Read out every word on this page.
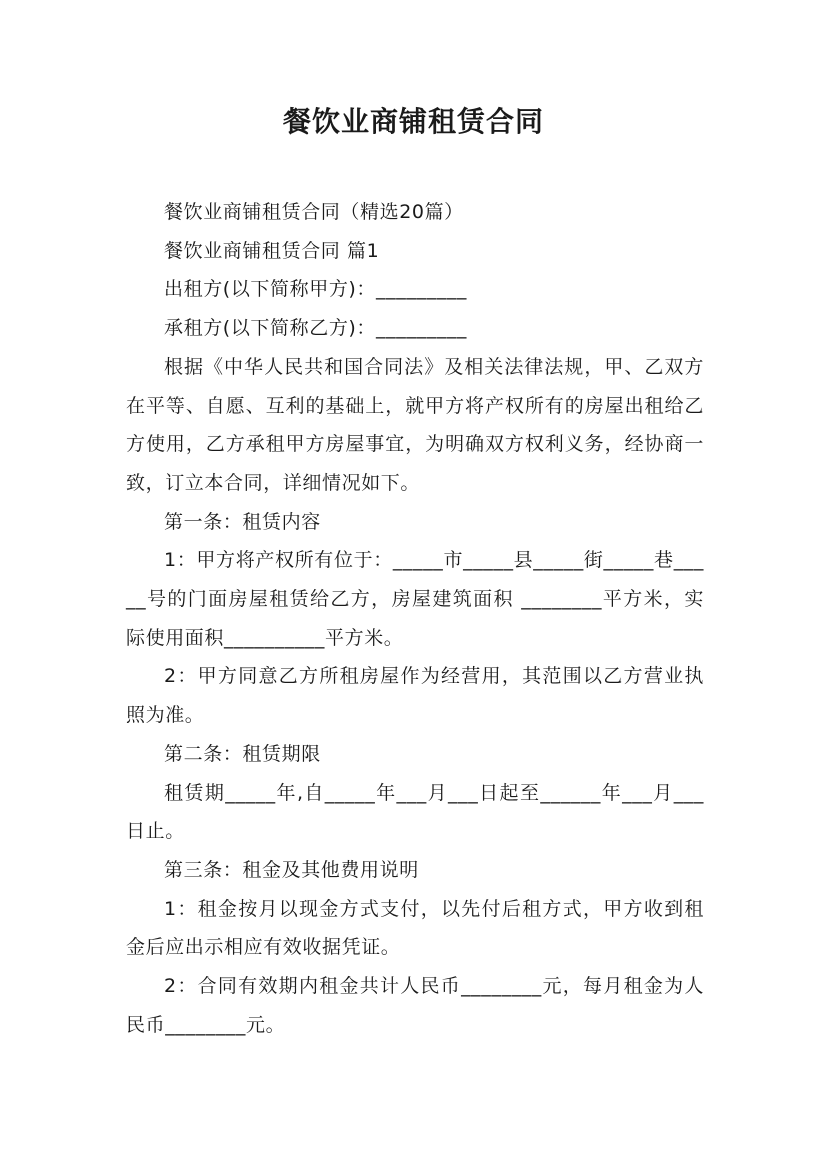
餐饮业商铺租赁合同

餐饮业商铺租赁合同（精选20篇）

餐饮业商铺租赁合同 篇1

出租方(以下简称甲方)：_________

承租方(以下简称乙方)：_________

根据《中华人民共和国合同法》及相关法律法规，甲、乙双方在平等、自愿、互利的基础上，就甲方将产权所有的房屋出租给乙方使用，乙方承租甲方房屋事宜，为明确双方权利义务，经协商一致，订立本合同，详细情况如下。

第一条：租赁内容

1：甲方将产权所有位于：_____市_____县_____街_____巷_____号的门面房屋租赁给乙方，房屋建筑面积 ________平方米，实际使用面积__________平方米。

2：甲方同意乙方所租房屋作为经营用，其范围以乙方营业执照为准。

第二条：租赁期限

租赁期_____年,自_____年___月___日起至______年___月___日止。

第三条：租金及其他费用说明

1：租金按月以现金方式支付，以先付后租方式，甲方收到租金后应出示相应有效收据凭证。

2：合同有效期内租金共计人民币________元，每月租金为人民币________元。
